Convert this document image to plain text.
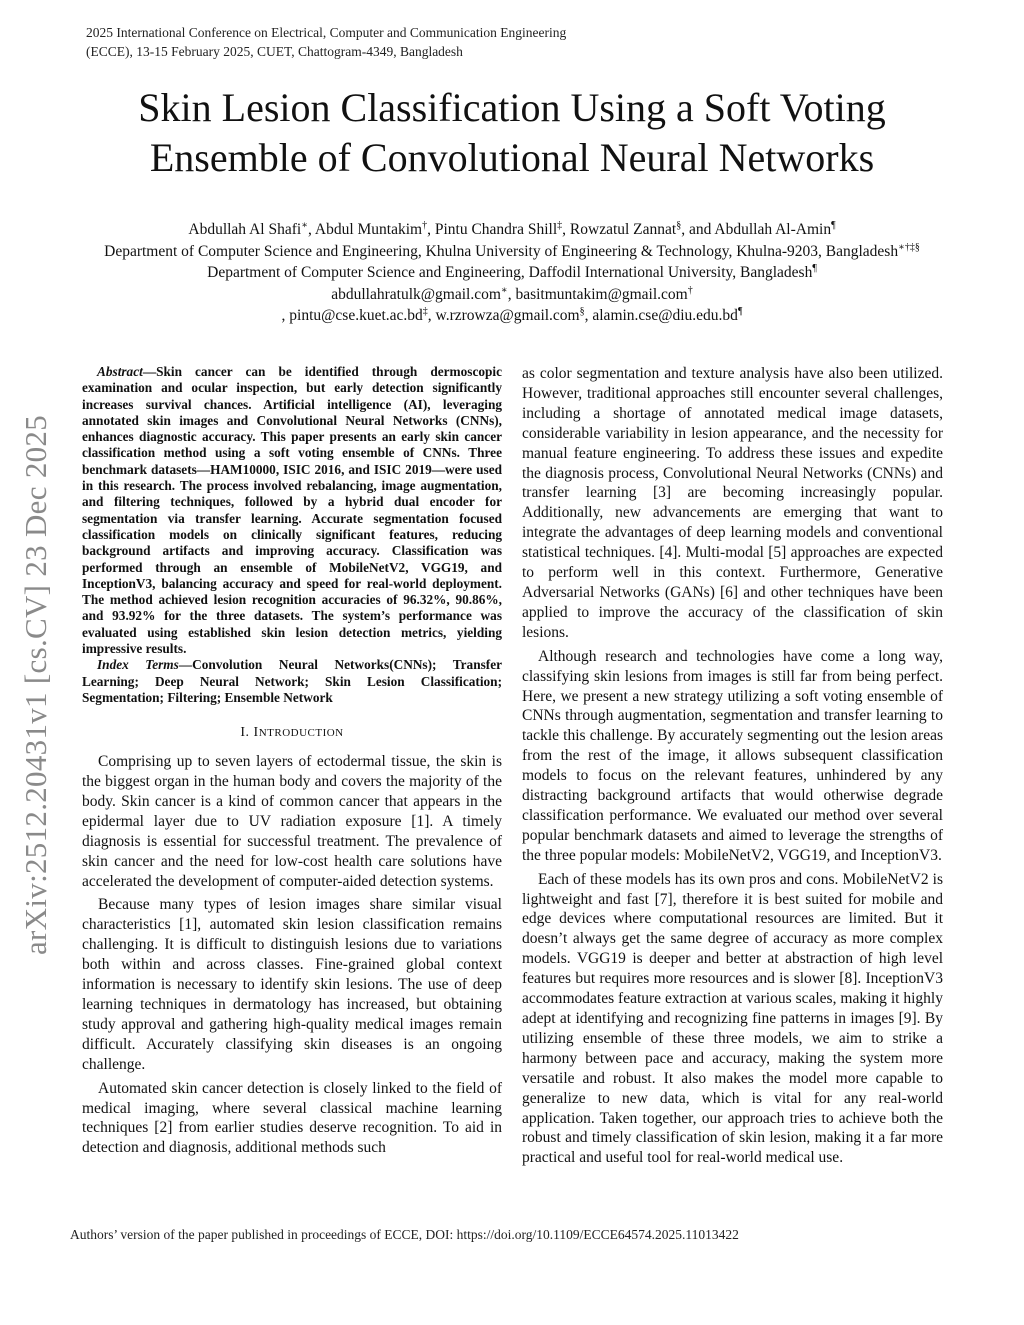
arXiv:2512.20431v1 [cs.CV] 23 Dec 2025
2025 International Conference on Electrical, Computer and Communication Engineering
(ECCE), 13-15 February 2025, CUET, Chattogram-4349, Bangladesh
Skin Lesion Classification Using a Soft Voting
Ensemble of Convolutional Neural Networks
Abdullah Al Shafi∗, Abdul Muntakim†, Pintu Chandra Shill‡, Rowzatul Zannat§, and Abdullah Al-Amin¶
Department of Computer Science and Engineering, Khulna University of Engineering & Technology, Khulna-9203, Bangladesh∗†‡§
Department of Computer Science and Engineering, Daffodil International University, Bangladesh¶
abdullahratulk@gmail.com∗, basitmuntakim@gmail.com†
, pintu@cse.kuet.ac.bd‡, w.rzrowza@gmail.com§, alamin.cse@diu.edu.bd¶

Abstract—Skin cancer can be identified through dermoscopic examination and ocular inspection, but early detection significantly increases survival chances. Artificial intelligence (AI), leveraging annotated skin images and Convolutional Neural Networks (CNNs), enhances diagnostic accuracy. This paper presents an early skin cancer classification method using a soft voting ensemble of CNNs. Three benchmark datasets—HAM10000, ISIC 2016, and ISIC 2019—were used in this research. The process involved rebalancing, image augmentation, and filtering techniques, followed by a hybrid dual encoder for segmentation via transfer learning. Accurate segmentation focused classification models on clinically significant features, reducing background artifacts and improving accuracy. Classification was performed through an ensemble of MobileNetV2, VGG19, and InceptionV3, balancing accuracy and speed for real-world deployment. The method achieved lesion recognition accuracies of 96.32%, 90.86%, and 93.92% for the three datasets. The system’s performance was evaluated using established skin lesion detection metrics, yielding impressive results.

Index Terms—Convolution Neural Networks(CNNs); Transfer Learning; Deep Neural Network; Skin Lesion Classification; Segmentation; Filtering; Ensemble Network

I. INTRODUCTION

Comprising up to seven layers of ectodermal tissue, the skin is the biggest organ in the human body and covers the majority of the body. Skin cancer is a kind of common cancer that appears in the epidermal layer due to UV radiation exposure [1]. A timely diagnosis is essential for successful treatment. The prevalence of skin cancer and the need for low-cost health care solutions have accelerated the development of computer-aided detection systems.

Because many types of lesion images share similar visual characteristics [1], automated skin lesion classification remains challenging. It is difficult to distinguish lesions due to variations both within and across classes. Fine-grained global context information is necessary to identify skin lesions. The use of deep learning techniques in dermatology has increased, but obtaining study approval and gathering high-quality medical images remain difficult. Accurately classifying skin diseases is an ongoing challenge.

Automated skin cancer detection is closely linked to the field of medical imaging, where several classical machine learning techniques [2] from earlier studies deserve recognition. To aid in detection and diagnosis, additional methods such

as color segmentation and texture analysis have also been utilized. However, traditional approaches still encounter several challenges, including a shortage of annotated medical image datasets, considerable variability in lesion appearance, and the necessity for manual feature engineering. To address these issues and expedite the diagnosis process, Convolutional Neural Networks (CNNs) and transfer learning [3] are becoming increasingly popular. Additionally, new advancements are emerging that want to integrate the advantages of deep learning models and conventional statistical techniques. [4]. Multi-modal [5] approaches are expected to perform well in this context. Furthermore, Generative Adversarial Networks (GANs) [6] and other techniques have been applied to improve the accuracy of the classification of skin lesions.

Although research and technologies have come a long way, classifying skin lesions from images is still far from being perfect. Here, we present a new strategy utilizing a soft voting ensemble of CNNs through augmentation, segmentation and transfer learning to tackle this challenge. By accurately segmenting out the lesion areas from the rest of the image, it allows subsequent classification models to focus on the relevant features, unhindered by any distracting background artifacts that would otherwise degrade classification performance. We evaluated our method over several popular benchmark datasets and aimed to leverage the strengths of the three popular models: MobileNetV2, VGG19, and InceptionV3.

Each of these models has its own pros and cons. MobileNetV2 is lightweight and fast [7], therefore it is best suited for mobile and edge devices where computational resources are limited. But it doesn’t always get the same degree of accuracy as more complex models. VGG19 is deeper and better at abstraction of high level features but requires more resources and is slower [8]. InceptionV3 accommodates feature extraction at various scales, making it highly adept at identifying and recognizing fine patterns in images [9]. By utilizing ensemble of these three models, we aim to strike a harmony between pace and accuracy, making the system more versatile and robust. It also makes the model more capable to generalize to new data, which is vital for any real-world application. Taken together, our approach tries to achieve both the robust and timely classification of skin lesion, making it a far more practical and useful tool for real-world medical use.

Authors’ version of the paper published in proceedings of ECCE, DOI: https://doi.org/10.1109/ECCE64574.2025.11013422
